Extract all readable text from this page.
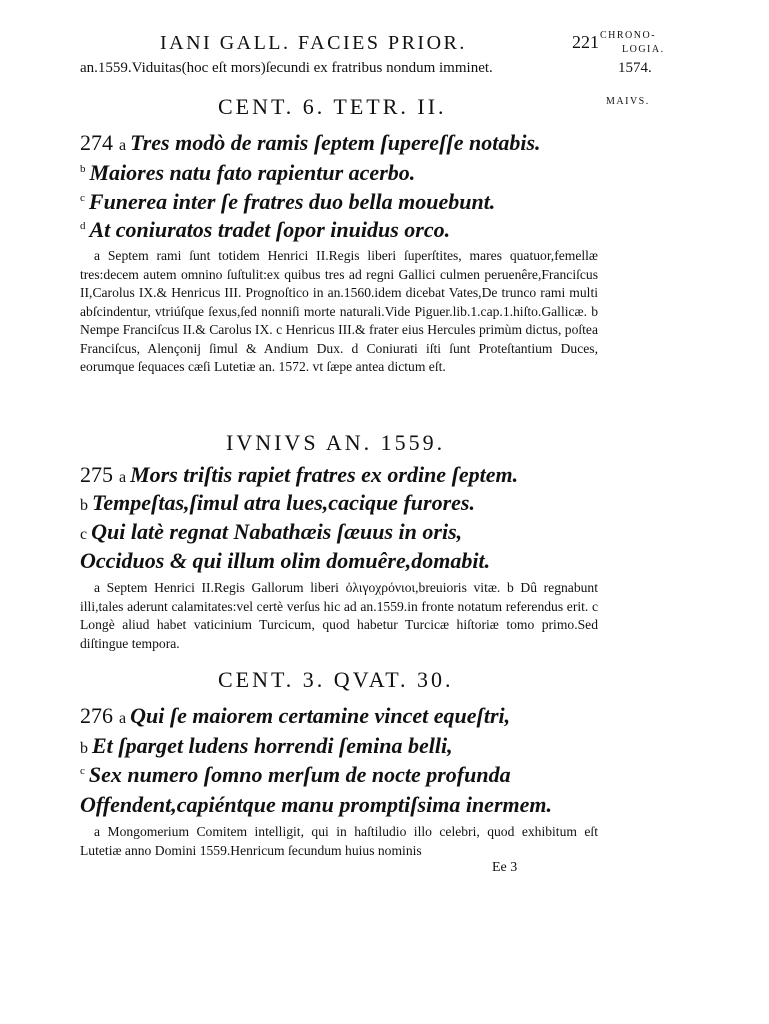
IANI GALL. FACIES PRIOR.	221 CHRONO-
LOGIA.
1574.
MAIVS.
an.1559.Viduitas(hoc eſt mors)ſecundi ex fratribus nondum imminet.
CENT. 6. TETR. II.
274 a Tres modò de ramis ſeptem ſupereſſe notabis.
$^b$ Maiores natu fato rapientur acerbo.
$^c$ Funerea inter ſe fratres duo bella mouebunt.
$^d$ At coniuratos tradet ſopor inuidus orco.
a Septem rami ſunt totidem Henrici II.Regis liberi ſuperſtites, mares quatuor,femellæ tres:decem autem omnino ſuſtulit:ex quibus tres ad regni Gallici culmen peruenêre,Franciſcus II,Carolus IX.& Henricus III. Prognoſtico in an.1560.idem dicebat Vates,De trunco rami multi abſcindentur, vtriúſque ſexus,ſed nonniſi morte naturali.Vide Piguer.lib.1.cap.1.hiſto.Gallicæ. b Nempe Franciſcus II.& Carolus IX. c Henricus III.& frater eius Hercules primùm dictus, poſtea Franciſcus, Alençonij ſimul & Andium Dux. d Coniurati iſti ſunt Proteſtantium Duces, eorumque ſequaces cæſi Lutetiæ an. 1572. vt ſæpe antea dictum eſt.
IVNIVS AN. 1559.
275 a Mors triſtis rapiet fratres ex ordine ſeptem.
b Tempeſtas,ſimul atra lues,cacique furores.
c Qui latè regnat Nabathæis ſæuus in oris,
Occiduos & qui illum olim domuêre,domabit.
a Septem Henrici II.Regis Gallorum liberi ὀλιγοχρόνιοι,breuioris vitæ. b Dû regnabunt illi,tales aderunt calamitates:vel certè verſus hic ad an.1559.in fronte notatum referendus erit. c Longè aliud habet vaticinium Turcicum, quod habetur Turcicæ hiſtoriæ tomo primo.Sed diſtingue tempora.
CENT. 3. QVAT. 30.
276 a Qui ſe maiorem certamine vincet equeſtri,
b Et ſparget ludens horrendi ſemina belli,
$^c$ Sex numero ſomno merſum de nocte profunda
Offendent,capiéntque manu promptiſsima inermem.
a Mongomerium Comitem intelligit, qui in haſtiludio illo celebri, quod exhibitum eſt Lutetiæ anno Domini 1559.Henricum ſecundum huius nominis
Ee 3
